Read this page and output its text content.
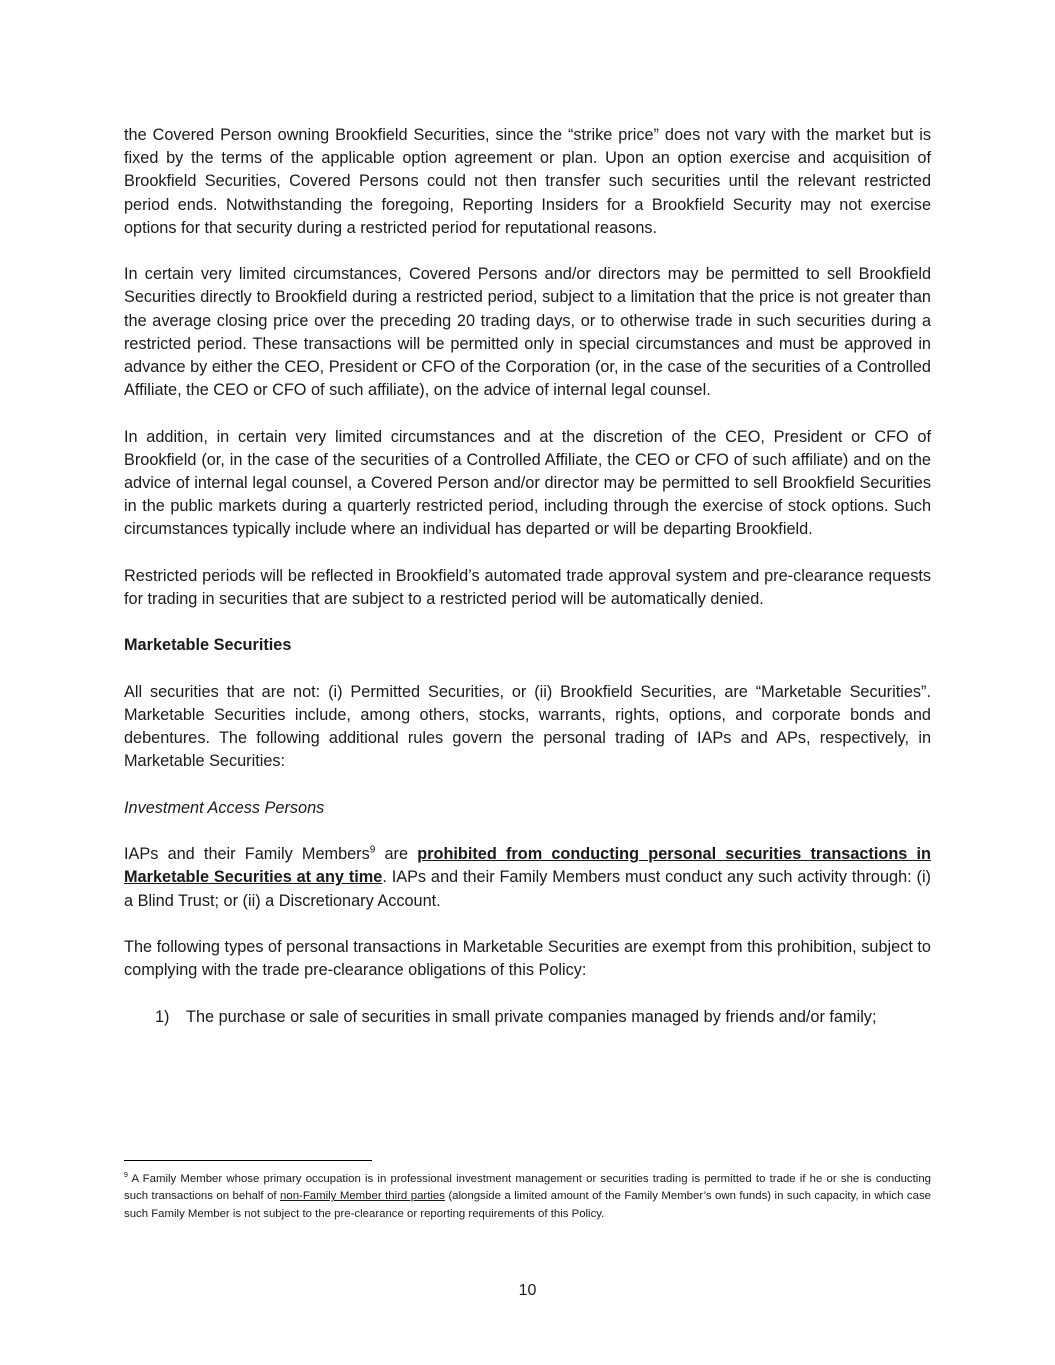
the Covered Person owning Brookfield Securities, since the “strike price” does not vary with the market but is fixed by the terms of the applicable option agreement or plan. Upon an option exercise and acquisition of Brookfield Securities, Covered Persons could not then transfer such securities until the relevant restricted period ends. Notwithstanding the foregoing, Reporting Insiders for a Brookfield Security may not exercise options for that security during a restricted period for reputational reasons.

In certain very limited circumstances, Covered Persons and/or directors may be permitted to sell Brookfield Securities directly to Brookfield during a restricted period, subject to a limitation that the price is not greater than the average closing price over the preceding 20 trading days, or to otherwise trade in such securities during a restricted period. These transactions will be permitted only in special circumstances and must be approved in advance by either the CEO, President or CFO of the Corporation (or, in the case of the securities of a Controlled Affiliate, the CEO or CFO of such affiliate), on the advice of internal legal counsel.

In addition, in certain very limited circumstances and at the discretion of the CEO, President or CFO of Brookfield (or, in the case of the securities of a Controlled Affiliate, the CEO or CFO of such affiliate) and on the advice of internal legal counsel, a Covered Person and/or director may be permitted to sell Brookfield Securities in the public markets during a quarterly restricted period, including through the exercise of stock options. Such circumstances typically include where an individual has departed or will be departing Brookfield.

Restricted periods will be reflected in Brookfield’s automated trade approval system and pre-clearance requests for trading in securities that are subject to a restricted period will be automatically denied.

Marketable Securities

All securities that are not: (i) Permitted Securities, or (ii) Brookfield Securities, are “Marketable Securities”. Marketable Securities include, among others, stocks, warrants, rights, options, and corporate bonds and debentures. The following additional rules govern the personal trading of IAPs and APs, respectively, in Marketable Securities:

Investment Access Persons

IAPs and their Family Members$^9$ are prohibited from conducting personal securities transactions in Marketable Securities at any time. IAPs and their Family Members must conduct any such activity through: (i) a Blind Trust; or (ii) a Discretionary Account.

The following types of personal transactions in Marketable Securities are exempt from this prohibition, subject to complying with the trade pre-clearance obligations of this Policy:

1)	The purchase or sale of securities in small private companies managed by friends and/or family;
$^9$ A Family Member whose primary occupation is in professional investment management or securities trading is permitted to trade if he or she is conducting such transactions on behalf of non-Family Member third parties (alongside a limited amount of the Family Member’s own funds) in such capacity, in which case such Family Member is not subject to the pre-clearance or reporting requirements of this Policy.
10
